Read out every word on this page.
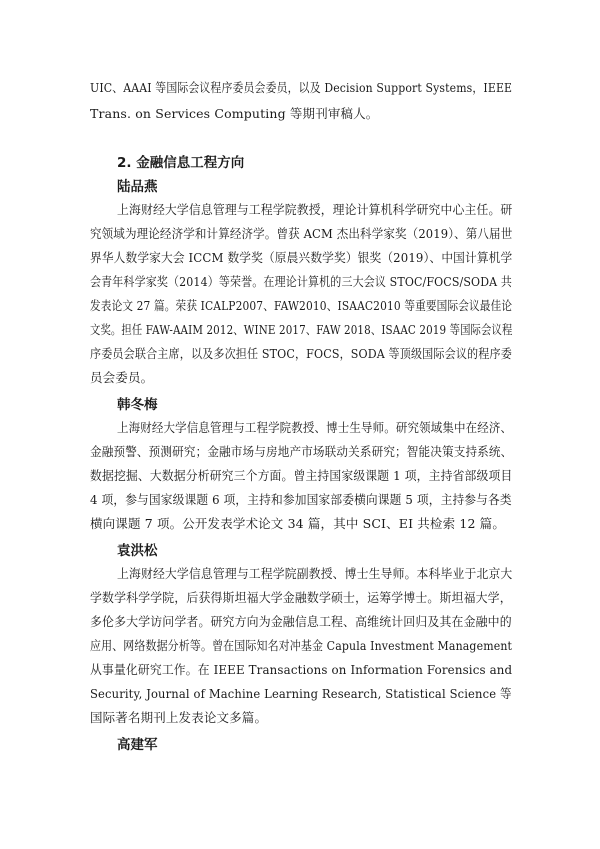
UIC、AAAI 等国际会议程序委员会委员，以及 Decision Support Systems，IEEE
Trans. on Services Computing 等期刊审稿人。
2. 金融信息工程方向
陆品燕
上海财经大学信息管理与工程学院教授，理论计算机科学研究中心主任。研
究领域为理论经济学和计算经济学。曾获 ACM 杰出科学家奖（2019）、第八届世
界华人数学家大会 ICCM 数学奖（原晨兴数学奖）银奖（2019）、中国计算机学
会青年科学家奖（2014）等荣誉。在理论计算机的三大会议 STOC/FOCS/SODA 共
发表论文 27 篇。荣获 ICALP2007、FAW2010、ISAAC2010 等重要国际会议最佳论
文奖。担任 FAW-AAIM 2012、WINE 2017、FAW 2018、ISAAC 2019 等国际会议程
序委员会联合主席，以及多次担任 STOC，FOCS，SODA 等顶级国际会议的程序委
员会委员。
韩冬梅
上海财经大学信息管理与工程学院教授、博士生导师。研究领域集中在经济、
金融预警、预测研究；金融市场与房地产市场联动关系研究；智能决策支持系统、
数据挖掘、大数据分析研究三个方面。曾主持国家级课题 1 项，主持省部级项目
4 项，参与国家级课题 6 项，主持和参加国家部委横向课题 5 项，主持参与各类
横向课题 7 项。公开发表学术论文 34 篇，其中 SCI、EI 共检索 12 篇。
袁洪松
上海财经大学信息管理与工程学院副教授、博士生导师。本科毕业于北京大
学数学科学学院，后获得斯坦福大学金融数学硕士，运筹学博士。斯坦福大学，
多伦多大学访问学者。研究方向为金融信息工程、高维统计回归及其在金融中的
应用、网络数据分析等。曾在国际知名对冲基金 Capula Investment Management
从事量化研究工作。在 IEEE Transactions on Information Forensics and
Security, Journal of Machine Learning Research, Statistical Science 等
国际著名期刊上发表论文多篇。
高建军
